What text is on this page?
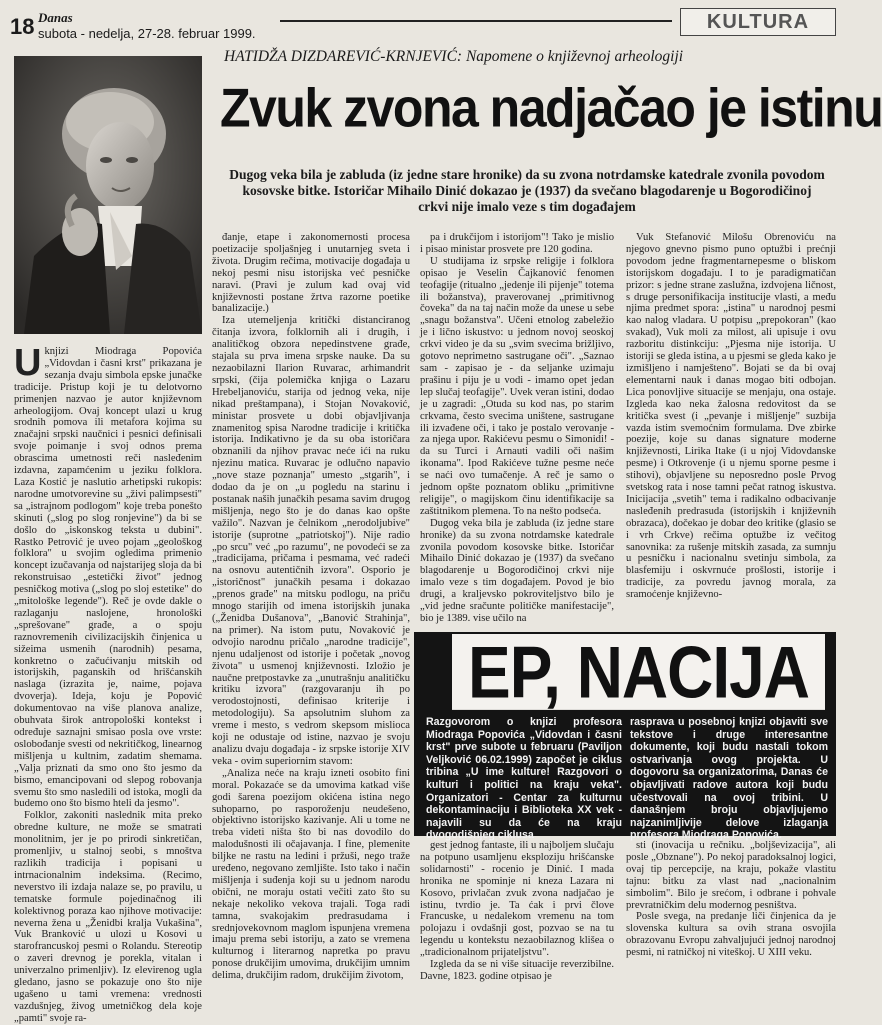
18 Danas
subota - nedelja, 27-28. februar 1999.
KULTURA
HATIDŽA DIZDAREVIĆ-KRNJEVIĆ: Napomene o književnoj arheologiji
Zvuk zvona nadjačao je istinu
Dugog veka bila je zabluda (iz jedne stare hronike) da su zvona notrdamske katedrale zvonila povodom kosovske bitke. Istoričar Mihailo Dinić dokazao je (1937) da svečano blagodarenje u Bogorodičinoj crkvi nije imalo veze s tim događajem

Uknjizi Miodraga Popovića „Vidovdan i časni krst" prikazana je sezanja dvaju simbola epske junačke tradicije. Pristup koji je tu delotvorno primenjen nazvao je autor književnom arheologijom. Ovaj koncept ulazi u krug srodnih pomova ili metafora kojima su značajni srpski naučnici i pesnici definisali svoje poimanje i svoj odnos prema obrascima umetnosti reči nasleđenim izdavna, zapamćenim u jeziku folklora. Laza Kostić je naslutio arhetipski rukopis: narodne umotvorevine su „živi palimpsesti" sa „istrajnom podlogom" koje treba ponešto skinuti („slog po slog ronjevine") da bi se došlo do „iskonskog teksta u dubini". Rastko Petrović je uveo pojam „geološkog folklora" u svojim ogledima primenio koncept izučavanja od najstarijeg sloja da bi rekonstruisao „estetički život" jednog pesničkog motiva („slog po sloj estetike" do „mitološke legende"). Reč je ovde dakle o razlaganju naslojene, hronološki „sprešovane" građe, a o spoju raznovremenih civilizacijskih činjenica u sižeima usmenih (narodnih) pesama, konkretno o začućivanju mitskih od istorijskih, paganskih od hrišćanskih naslaga (izrazita je, naime, pojava dvoverja). Ideja, koju je Popović dokumentovao na više planova analize, obuhvata širok antropološki kontekst i određuje saznajni smisao posla ove vrste: oslobođanje svesti od nekritičkog, linearnog mišljenja u kultnim, zadatim shemama. „Valja priznati da smo ono što jesmo da bismo, emancipovani od slepog robovanja svemu što smo nasledili od istoka, mogli da budemo ono što bismo hteli da jesmo".

Folklor, zakoniti naslednik mita preko obredne kulture, ne može se smatrati monolitnim, jer je po prirodi sinkretičan, promenljiv, u stalnoj seobi, s mnoštva razlikih tradicija i popisani u intrnacionalnim indeksima. (Recimo, neverstvo ili izdaja nalaze se, po pravilu, u tematske formule pojedinačnog ili kolektivnog poraza kao njihove motivacije: neverna žena u „Ženidbi kralja Vukašina", Vuk Branković u ulozi u Kosovi u starofrancuskoj pesmi o Rolandu. Stereotip o zaveri drevnog je porekla, vitalan i univerzalno primenljiv). Iz elevirenog ugla gledano, jasno se pokazuje ono što nije ugašeno u tami vremena: vrednosti vazdušnjeg, živog umetničkog dela koje „pamti" svoje ra-

đanje, etape i zakonomernosti procesa poetizacije spoljašnjeg i unutarnjeg sveta i života. Drugim rečima, motivacije događaja u nekoj pesmi nisu istorijska već pesničke naravi. (Pravi je zulum kad ovaj vid književnosti postane žrtva razorne poetike banalizacije.)

Iza utemeljenja kritički distanciranog čitanja izvora, folklornih ali i drugih, i analitičkog obzora nepedinstvene građe, stajala su prva imena srpske nauke. Da su nezaobilazni Ilarion Ruvarac, arhimandrit srpski, (čija polemička knjiga o Lazaru Hrebeljanoviću, starija od jednog veka, nije nikad preštampana), i Stojan Novaković, ministar prosvete u dobi objavljivanja znamenitog spisa Narodne tradicije i kritička istorija. Indikativno je da su oba istoričara obznanili da njihov pravac neće ići na ruku njezinu matica. Ruvarac je odlučno napavio „nove staze poznanja" umesto „stgarih", i dodao da je on „u pogledu na starinu i postanak naših junačkih pesama savim drugog mišljenja, nego što je do danas kao opšte važilo". Nazvan je čelnikom „nerodoljubive" istorije (suprotne „patriotskoj"). Nije radio „po srcu" već „po razumu", ne povodeći se za „tradicijama, pričama i pesmama, već radeći na osnovu autentičnih izvora". Osporio je „istoričnost" junačkih pesama i dokazao „prenos građe" na mitsku podlogu, na priču mnogo starijih od imena istorijskih junaka („Ženidba Dušanova", „Banović Strahinja", na primer). Na istom putu, Novaković je odvojio narodnu pričalo „narodne tradicije", njenu udaljenost od istorije i početak „novog života" u usmenoj književnosti. Izložio je naučne pretpostavke za „unutrašnju analitičku kritiku izvora" (razgovaranju ih po verodostojnosti, definisao kriterije i metodologiju). Sa apsolutnim sluhom za vreme i mesto, s vedrom skepsom mislioca koji ne odustaje od istine, nazvao je svoju analizu dvaju događaja - iz srpske istorije XIV veka - ovim superiornim stavom:

„Analiza neće na kraju izneti osobito fini moral. Pokazaće se da umovima katkad više godi šarena poezijom okićena istina nego suhoparno, po rasporoženju neudešeno, objektivno istorijsko kazivanje. Ali u tome ne treba videti ništa što bi nas dovodilo do malodušnosti ili očajavanja. I fine, plemenite biljke ne rastu na ledini i pržuši, nego traže uređeno, negovano zemljište. Isto tako i način mišljenja i suđenja koji su u jednom narodu obični, ne moraju ostati večiti zato što su nekaje nekoliko vekova trajali. Toga radi tamna, svakojakim predrasudama i srednjovekovnom maglom ispunjena vremena imaju prema sebi istoriju, a zato se vremena kulturnog i literarnog napretka po pravu ponose drukčijim umovima, drukčijim umnim delima, drukčijim radom, drukčijim životom,

pa i drukčijom i istorijom"! Tako je mislio i pisao ministar prosvete pre 120 godina.

U studijama iz srpske religije i folklora opisao je Veselin Čajkanović fenomen teofagije (ritualno „jedenje ili pijenje" totema ili božanstva), praverovanej „primitivnog čoveka" da na taj način može da unese u sebe „snagu božanstva". Učeni etnolog zabeležio je i lično iskustvo: u jednom novoj seoskoj crkvi video je da su „svim svecima brižljivo, gotovo neprimetno sastrugane oči". „Saznao sam - zapisao je - da seljanke uzimaju prašinu i piju je u vodi - imamo opet jedan lep slučaj teofagije". Uvek veran istini, dodao je u zagradi: „Otuda su kod nas, po starim crkvama, često svecima uništene, sastrugane ili izvađene oči, i tako je postalo verovanje - za njega upor. Rakićevu pesmu o Simonidi! - da su Turci i Arnauti vadili oči našim ikonama". Ipod Rakićeve tužne pesme neće se naći ovo tumačenje. A reč je samo o jednom opšte poznatom obliku „primitivne religije", o magijskom činu identifikacije sa zaštitnikom plemena. To na nešto podseća.

Dugog veka bila je zabluda (iz jedne stare hronike) da su zvona notrdamske katedrale zvonila povodom kosovske bitke. Istoričar Mihailo Dinić dokazao je (1937) da svečano blagodarenje u Bogorodičinoj crkvi nije imalo veze s tim događajem. Povod je bio drugi, a kraljevsko pokroviteljstvo bilo je „vid jedne sračunte političke manifestacije", bio je 1389. vise učilo na

Vuk Stefanović Milošu Obrenoviću na njegovo gnevno pismo puno optužbi i prećnji povodom jedne fragmentarnepesme o bliskom istorijskom događaju. I to je paradigmatičan prizor: s jedne strane zaslužna, izdvojena ličnost, s druge personifikacija institucije vlasti, a među njima predmet spora: „istina" u narodnoj pesmi kao nalog vladara. U potpisu „prepokoran" (kao svakad), Vuk moli za milost, ali upisuje i ovu razboritu distinkciju: „Pjesma nije istorija. U istoriji se gleda istina, a u pjesmi se gleda kako je izmišljeno i namješteno". Bojati se da bi ovaj elementarni nauk i danas mogao biti odbojan. Lica ponovljive situacije se menjaju, ona ostaje. Izgleda kao neka žalosna redovitost da se kritička svest (i „pevanje i mišljenje" suzbija vazda istim svemoćnim formulama. Dve zbirke poezije, koje su danas signature moderne književnosti, Lirika Itake (i u njoj Vidovdanske pesme) i Otkrovenje (i u njemu sporne pesme i stihovi), objavljene su neposredno posle Prvog svetskog rata i nose tamni pečat ratnog iskustva. Inicijacija „svetih" tema i radikalno odbacivanje nasleđenih predrasuda (istorijskih i književnih obrazaca), dočekao je dobar deo kritike (glasio se i vrh Crkve) rečima optužbe iz večitog sanovnika: za rušenje mitskih zasada, za sumnju u pesničku i nacionalnu svetinju simbola, za blasfemiju i oskvrnuće prošlosti, istorije i tradicije, za povredu javnog morala, za sramoćenje književno-

EP, NACIJA
Razgovorom o knjizi profesora Miodraga Popovića „Vidovdan i časni krst" prve subote u februaru (Paviljon Veljković 06.02.1999) započet je ciklus tribina „U ime kulture! Razgovori o kulturi i politici na kraju veka". Organizatori - Centar za kulturnu dekontaminaciju i Biblioteka XX vek - najavili su da će na kraju dvogodišnjeg ciklusa
rasprava u posebnoj knjizi objaviti sve tekstove i druge interesantne dokumente, koji budu nastali tokom ostvarivanja ovog projekta. U dogovoru sa organizatorima, Danas će objavljivati radove autora koji budu učestvovali na ovoj tribini. U današnjem broju objavljujemo najzanimljivije delove izlaganja profesora Miodraga Popovića.

gest jednog fantaste, ili u najboljem slučaju na potpuno usamljenu eksploziju hrišćanske solidarnosti" - rocenio je Dinić. I mada hronika ne spominje ni kneza Lazara ni Kosovo, privlačan zvuk zvona nadjačao je istinu, tvrdio je. Ta ćak i prvi člove Francuske, u nedalekom vremenu na tom polojazu i ovdašnji gost, pozvao se na tu legendu u kontekstu nezaobilaznog klišea o „tradicionalnom prijateljstvu".

Izgleda da se ni više situacije reverzibilne. Davne, 1823. godine otpisao je

sti (inovacija u rečniku. „boljševizacija", ali posle „Obznane"). Po nekoj paradoksalnoj logici, ovaj tip percepcije, na kraju, pokaže vlastitu tajnu: bitku za vlast nad „nacionalnim simbolim". Bilo je srećom, i odbrane i pohvale prevratničkim delu modernog pesništva.

Posle svega, na predanje liči činjenica da je slovenska kultura sa ovih strana osvojila obrazovanu Evropu zahvaljujući jednoj narodnoj pesmi, ni ratničkoj ni viteškoj. U XIII veku.
